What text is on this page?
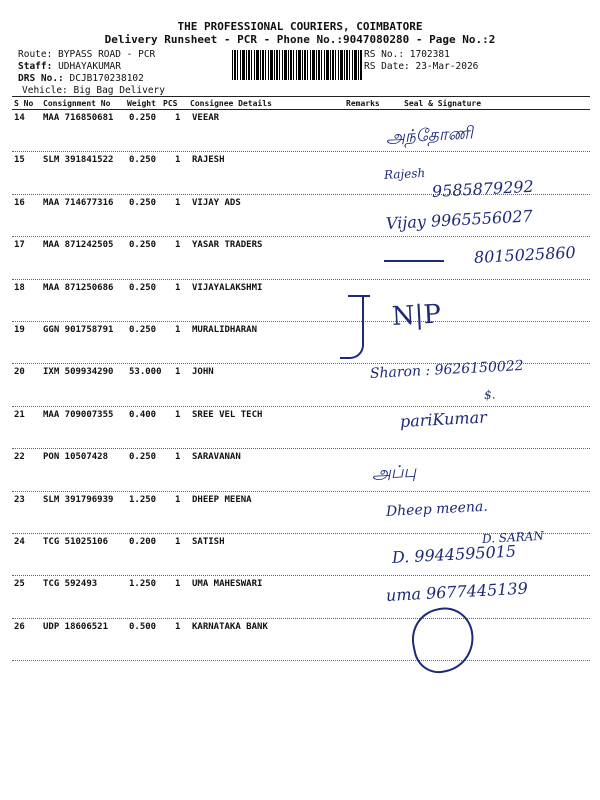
THE PROFESSIONAL COURIERS, COIMBATORE
Delivery Runsheet - PCR - Phone No.:9047080280 - Page No.:2
Route: BYPASS ROAD - PCR
Staff: UDHAYAKUMAR
DRS No.: DCJB170238102
Vehicle: Big Bag Delivery
RS No.: 1702381
RS Date: 23-Mar-2026
S No Consignment No Weight PCS Consignee Details	Remarks	Seal & Signature
14 MAA 716850681 0.250 1 VEEAR
15 SLM 391841522 0.250 1 RAJESH
16 MAA 714677316 0.250 1 VIJAY ADS
17 MAA 871242505 0.250 1 YASAR TRADERS
18 MAA 871250686 0.250 1 VIJAYALAKSHMI
19 GGN 901758791 0.250 1 MURALIDHARAN
20 IXM 509934290 53.000 1 JOHN
21 MAA 709007355 0.400 1 SREE VEL TECH
22 PON 10507428 0.250 1 SARAVANAN
23 SLM 391796939 1.250 1 DHEEP MEENA
24 TCG 51025106 0.200 1 SATISH
25 TCG 592493	1.250 1 UMA MAHESWARI
26 UDP 18606521 0.500 1 KARNATAKA BANK
அந்தோணி
Rajesh
9585879292
Vijay 9965556027
8015025860
N|P
Sharon : 9626150022
$.
pariKumar
அப்பு
Dheep meena.
D. SARAN
D. 9944595015
uma 9677445139
